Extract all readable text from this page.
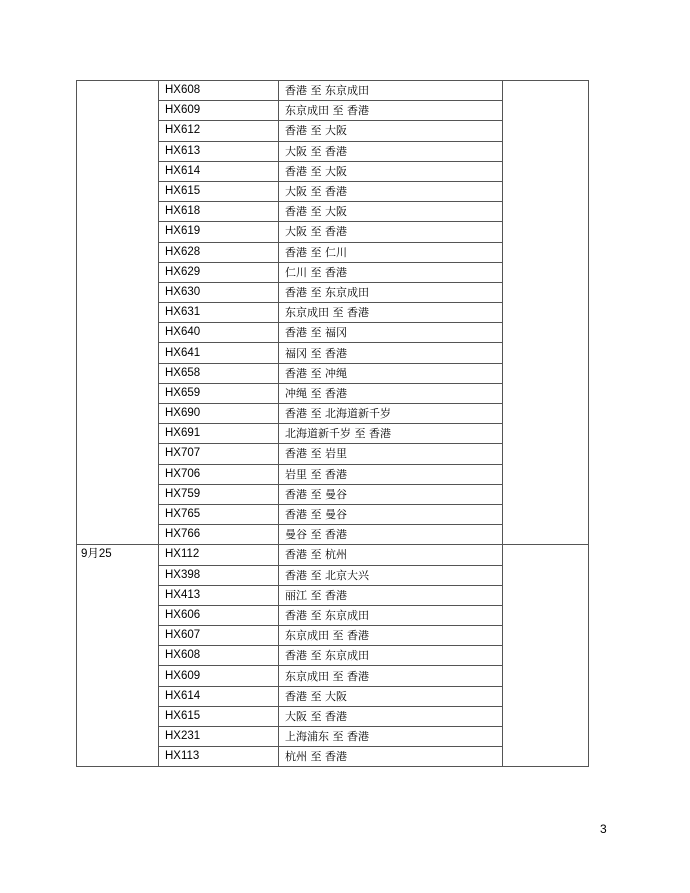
	HX608	香港 至 东京成田	
	HX609	东京成田 至 香港	
	HX612	香港 至 大阪	
	HX613	大阪 至 香港	
	HX614	香港 至 大阪	
	HX615	大阪 至 香港	
	HX618	香港 至 大阪	
	HX619	大阪 至 香港	
	HX628	香港 至 仁川	
	HX629	仁川 至 香港	
	HX630	香港 至 东京成田	
	HX631	东京成田 至 香港	
	HX640	香港 至 福冈	
	HX641	福冈 至 香港	
	HX658	香港 至 冲绳	
	HX659	冲绳 至 香港	
	HX690	香港 至 北海道新千岁	
	HX691	北海道新千岁 至 香港	
	HX707	香港 至 岩里	
	HX706	岩里 至 香港	
	HX759	香港 至 曼谷	
	HX765	香港 至 曼谷	
	HX766	曼谷 至 香港	
9月25	HX112	香港 至 杭州	
	HX398	香港 至 北京大兴	
	HX413	丽江 至 香港	
	HX606	香港 至 东京成田	
	HX607	东京成田 至 香港	
	HX608	香港 至 东京成田	
	HX609	东京成田 至 香港	
	HX614	香港 至 大阪	
	HX615	大阪 至 香港	
	HX231	上海浦东 至 香港	
	HX113	杭州 至 香港	
3
